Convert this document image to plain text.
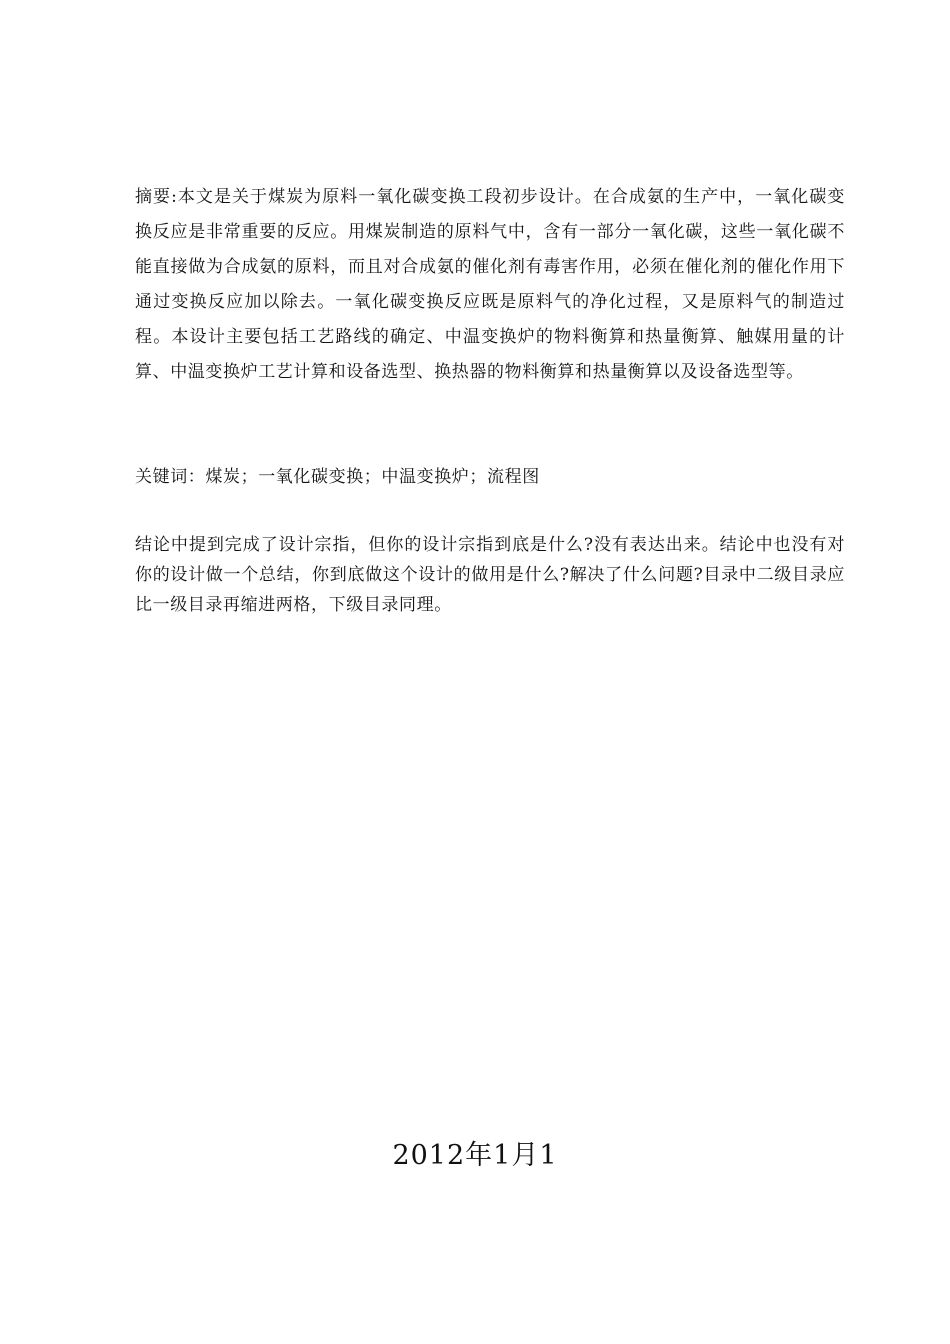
摘要:本文是关于煤炭为原料一氧化碳变换工段初步设计。在合成氨的生产中，一氧化碳变换反应是非常重要的反应。用煤炭制造的原料气中，含有一部分一氧化碳，这些一氧化碳不能直接做为合成氨的原料，而且对合成氨的催化剂有毒害作用，必须在催化剂的催化作用下通过变换反应加以除去。一氧化碳变换反应既是原料气的净化过程，又是原料气的制造过程。本设计主要包括工艺路线的确定、中温变换炉的物料衡算和热量衡算、触媒用量的计算、中温变换炉工艺计算和设备选型、换热器的物料衡算和热量衡算以及设备选型等。

关键词：煤炭；一氧化碳变换；中温变换炉；流程图

结论中提到完成了设计宗指，但你的设计宗指到底是什么?没有表达出来。结论中也没有对你的设计做一个总结，你到底做这个设计的做用是什么?解决了什么问题?目录中二级目录应比一级目录再缩进两格，下级目录同理。

2012年1月1
